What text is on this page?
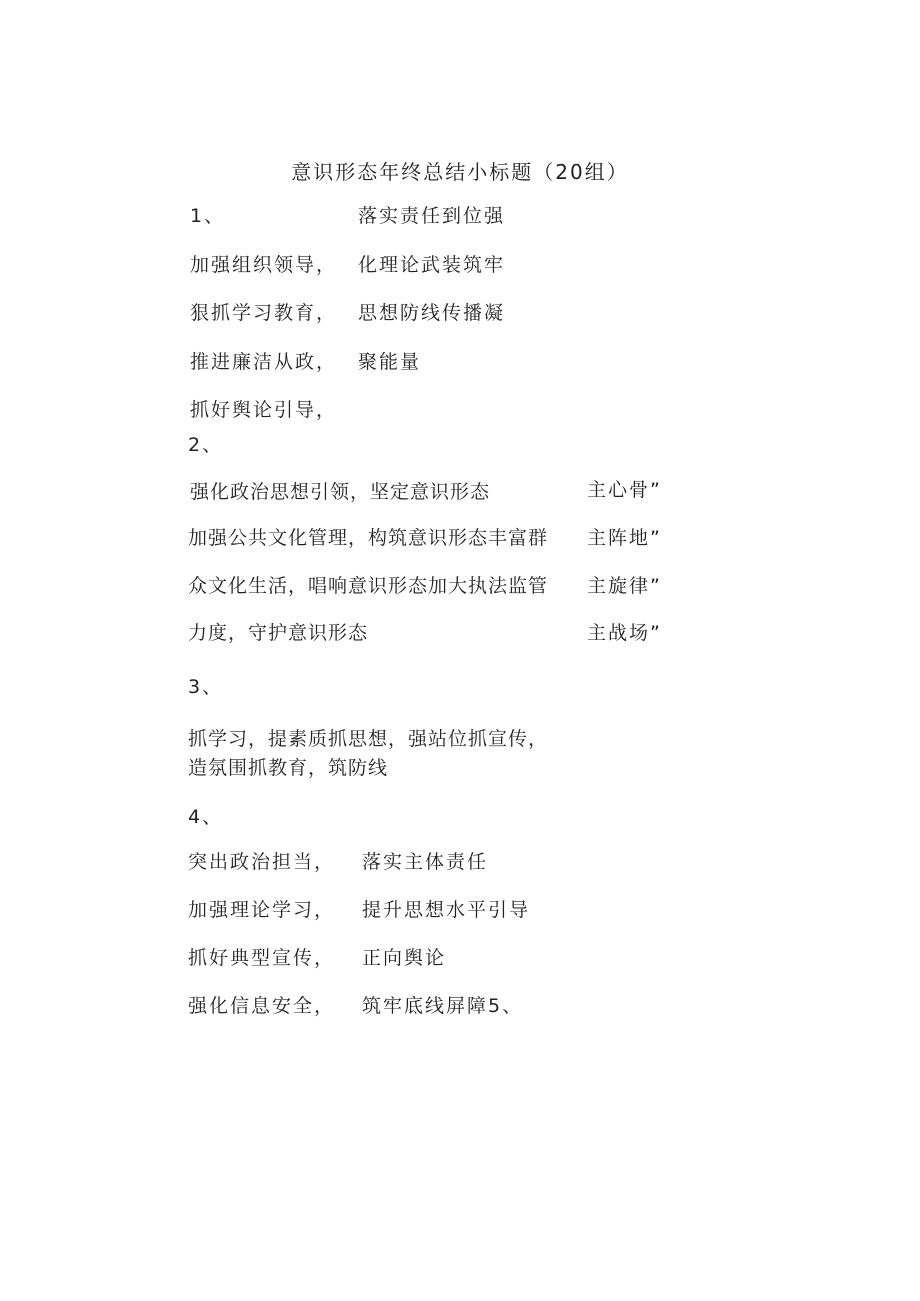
意识形态年终总结小标题（20组）
1、	落实责任到位强
加强组织领导， 化理论武装筑牢
狠抓学习教育， 思想防线传播凝
推进廉洁从政， 聚能量
抓好舆论引导，
2、
强化政治思想引领，坚定意识形态	主心骨”
加强公共文化管理，构筑意识形态丰富群 主阵地”
众文化生活，唱响意识形态加大执法监管 主旋律”
力度，守护意识形态	主战场”
3、
抓学习，提素质抓思想，强站位抓宣传，
造氛围抓教育，筑防线
4、
突出政治担当， 落实主体责任
加强理论学习， 提升思想水平引导
抓好典型宣传， 正向舆论
强化信息安全， 筑牢底线屏障5、
